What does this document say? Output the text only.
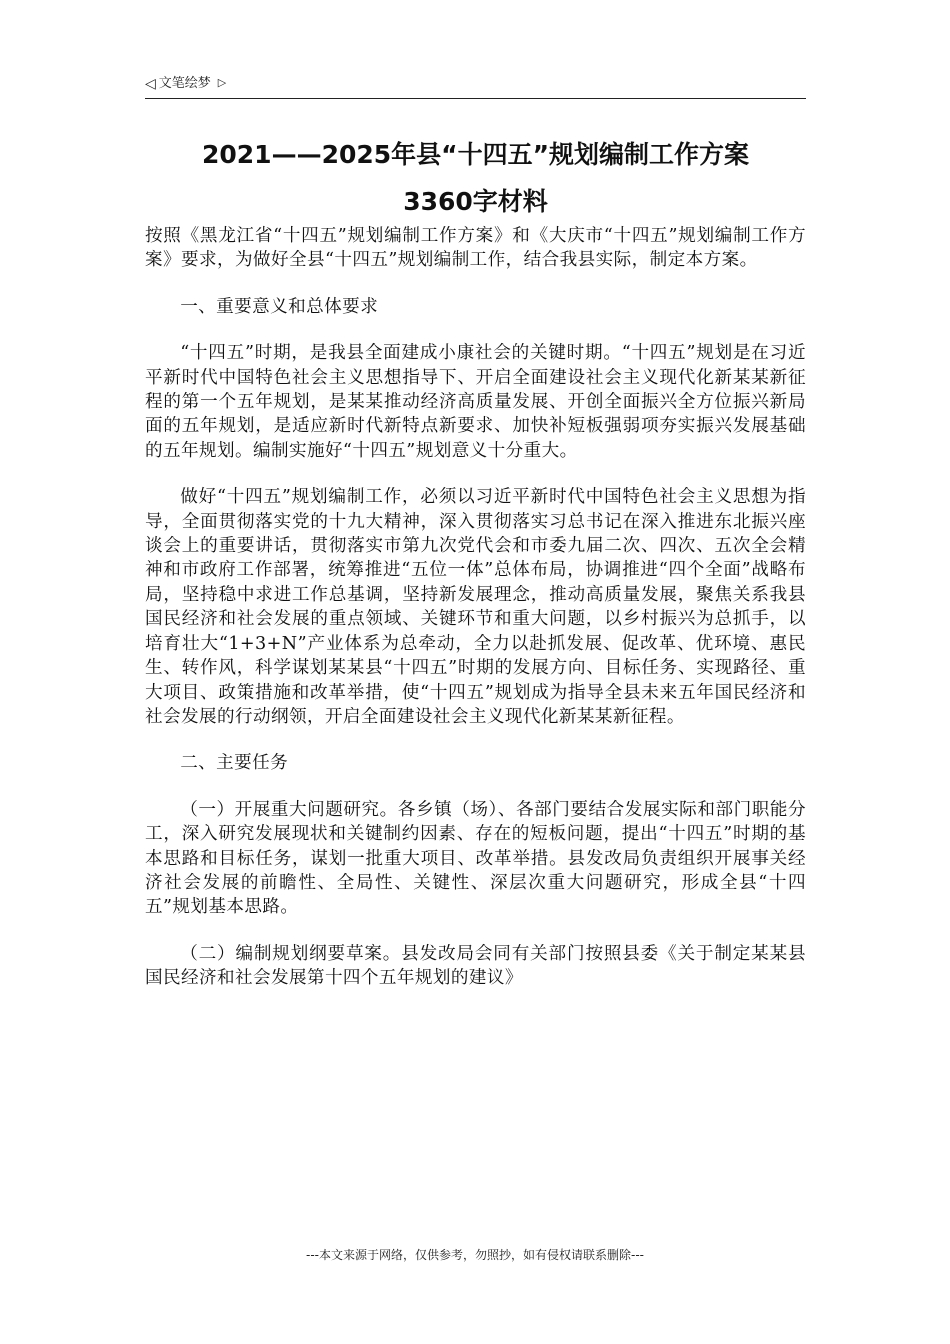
◁ 文笔绘梦 ▷
2021——2025年县“十四五”规划编制工作方案
3360字材料

按照《黑龙江省“十四五”规划编制工作方案》和《大庆市“十四五”规划编制工作方案》要求，为做好全县“十四五”规划编制工作，结合我县实际，制定本方案。

一、重要意义和总体要求

“十四五”时期，是我县全面建成小康社会的关键时期。“十四五”规划是在习近平新时代中国特色社会主义思想指导下、开启全面建设社会主义现代化新某某新征程的第一个五年规划，是某某推动经济高质量发展、开创全面振兴全方位振兴新局面的五年规划，是适应新时代新特点新要求、加快补短板强弱项夯实振兴发展基础的五年规划。编制实施好“十四五”规划意义十分重大。

做好“十四五”规划编制工作，必须以习近平新时代中国特色社会主义思想为指导，全面贯彻落实党的十九大精神，深入贯彻落实习总书记在深入推进东北振兴座谈会上的重要讲话，贯彻落实市第九次党代会和市委九届二次、四次、五次全会精神和市政府工作部署，统筹推进“五位一体”总体布局，协调推进“四个全面”战略布局，坚持稳中求进工作总基调，坚持新发展理念，推动高质量发展，聚焦关系我县国民经济和社会发展的重点领域、关键环节和重大问题，以乡村振兴为总抓手，以培育壮大“1+3+N”产业体系为总牵动，全力以赴抓发展、促改革、优环境、惠民生、转作风，科学谋划某某县“十四五”时期的发展方向、目标任务、实现路径、重大项目、政策措施和改革举措，使“十四五”规划成为指导全县未来五年国民经济和社会发展的行动纲领，开启全面建设社会主义现代化新某某新征程。

二、主要任务

（一）开展重大问题研究。各乡镇（场）、各部门要结合发展实际和部门职能分工，深入研究发展现状和关键制约因素、存在的短板问题，提出“十四五”时期的基本思路和目标任务，谋划一批重大项目、改革举措。县发改局负责组织开展事关经济社会发展的前瞻性、全局性、关键性、深层次重大问题研究，形成全县“十四五”规划基本思路。

（二）编制规划纲要草案。县发改局会同有关部门按照县委《关于制定某某县国民经济和社会发展第十四个五年规划的建议》

---本文来源于网络，仅供参考，勿照抄，如有侵权请联系删除---
